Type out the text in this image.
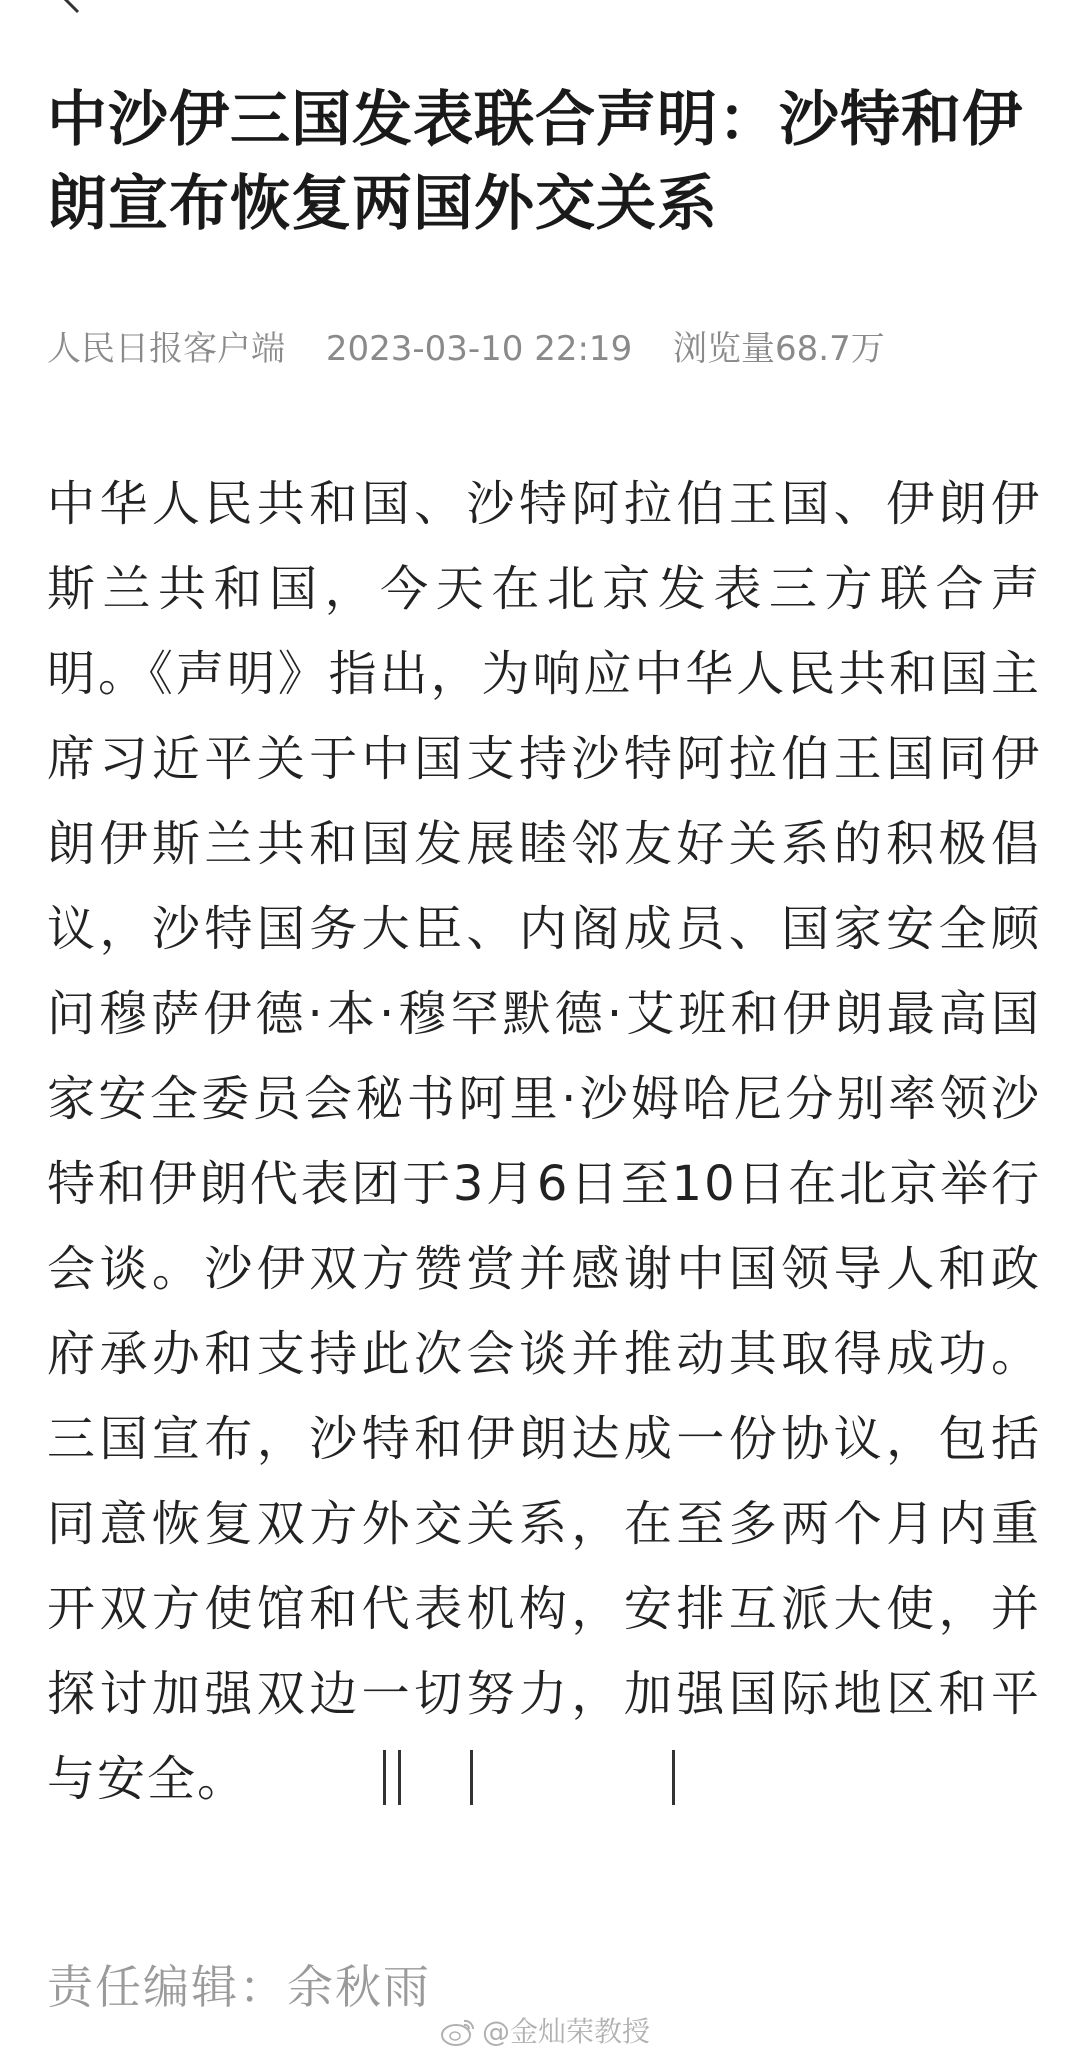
中沙伊三国发表联合声明：沙特和伊朗宣布恢复两国外交关系
人民日报客户端 2023-03-10 22:19 浏览量68.7万

中华人民共和国、沙特阿拉伯王国、伊朗伊斯兰共和国，今天在北京发表三方联合声明。《声明》指出，为响应中华人民共和国主席习近平关于中国支持沙特阿拉伯王国同伊朗伊斯兰共和国发展睦邻友好关系的积极倡议，沙特国务大臣、内阁成员、国家安全顾问穆萨伊德·本·穆罕默德·艾班和伊朗最高国家安全委员会秘书阿里·沙姆哈尼分别率领沙特和伊朗代表团于3月6日至10日在北京举行会谈。沙伊双方赞赏并感谢中国领导人和政府承办和支持此次会谈并推动其取得成功。三国宣布，沙特和伊朗达成一份协议，包括同意恢复双方外交关系，在至多两个月内重开双方使馆和代表机构，安排互派大使，并探讨加强双边一切努力，加强国际地区和平与安全。

责任编辑：余秋雨
@金灿荣教授
